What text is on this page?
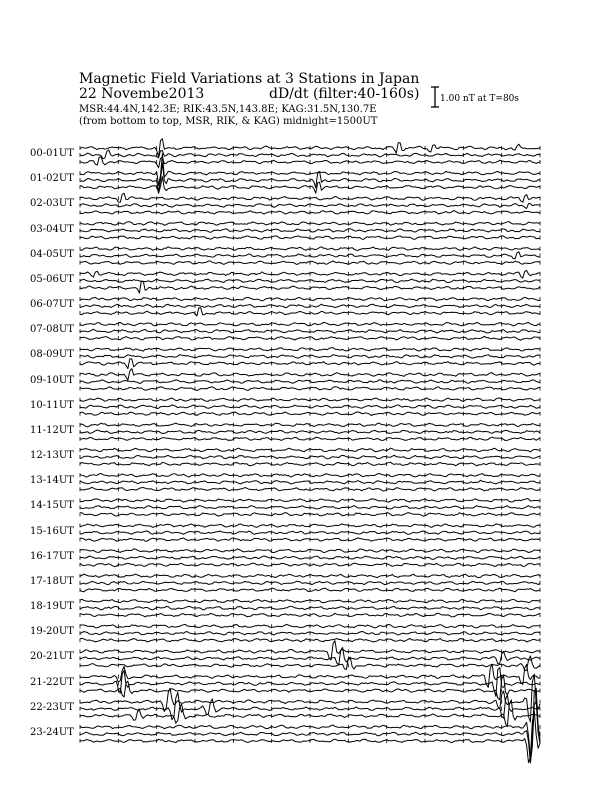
Magnetic Field Variations at 3 Stations in Japan
22 Novembe2013	dD/dt (filter:40-160s)
MSR:44.4N,142.3E; RIK:43.5N,143.8E; KAG:31.5N,130.7E
(from bottom to top, MSR, RIK, & KAG) midnight=1500UT
1.00 nT at T=80s
00-01UT
01-02UT
02-03UT
03-04UT
04-05UT
05-06UT
06-07UT
07-08UT
08-09UT
09-10UT
10-11UT
11-12UT
12-13UT
13-14UT
14-15UT
15-16UT
16-17UT
17-18UT
18-19UT
19-20UT
20-21UT
21-22UT
22-23UT
23-24UT
